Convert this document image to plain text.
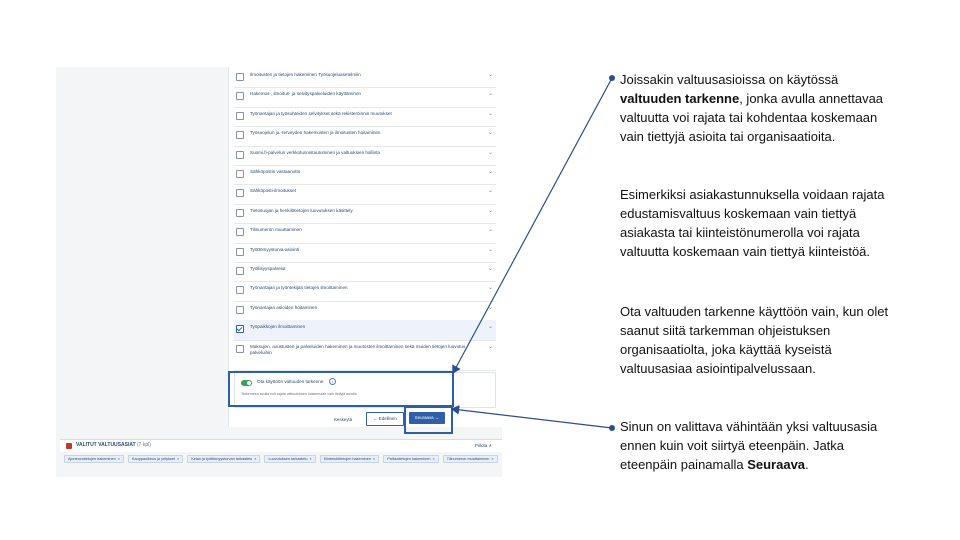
Ilmoitusten ja tietojen hakeminen Työsuojeluasetelmiin	⌄
Hakemus-, ilmoitus- ja selvityspalveluiden käyttäminen	⌄
Työnantajan ja työsuhteiden selvitykset sekä rekisteröinnin muutokset	⌄
Työsuojelun ja -terveyden hakemusten ja ilmoitusten hoitaminen	⌄
Suomi.fi-palvelun verkkotunnistautuminen ja valtuuksien hallinta	⌄
Sähköpostin vastaanotto	⌄
Sähköposti-ilmoitukset	⌄
Tietosuojan ja henkilötietojen luovutuksen käsittely	⌄
Tilinumeron muuttaminen	⌄
Työttömyysturva-asiointi	⌄
Työllisyyspalvelut	⌄
Työnantajan ja työntekijän tietojen ilmoittaminen	⌄
Työnantajan asioiden hoitaminen	⌄
Työpaikkojen ilmoittaminen	⌄
Maksujen, avustusten ja palveluiden hakeminen ja muutosten ilmoittaminen sekä muiden tietojen luovutus palveluihin
⌄
Ota käyttöön valtuuden tarkenne	i
Tarkenteen avulla voit rajata valtuutuksen koskemaan vain tiettyjä asioita
Keskeytä	← Edellinen	Seuraava →
VALITUT VALTUUSASIAT (7 kpl)	Piilota ∧
Ajoneuvotietojen hakeminen ×	Kauppaoikeus ja yritykset ×	Kelan ja työttömyysturvan tarkastelu ×	Luovutuksen tarkastelu ×	Kiinteistötietojen hakeminen ×	Palkkatietojen hakeminen ×	Tilinumeron muuttaminen ×

Joissakin valtuusasioissa on käytössä valtuuden tarkenne, jonka avulla annettavaa valtuutta voi rajata tai kohdentaa koskemaan vain tiettyjä asioita tai organisaatioita.

Esimerkiksi asiakastunnuksella voidaan rajata edustamisvaltuus koskemaan vain tiettyä asiakasta tai kiinteistönumerolla voi rajata valtuutta koskemaan vain tiettyä kiinteistöä.

Ota valtuuden tarkenne käyttöön vain, kun olet saanut siitä tarkemman ohjeistuksen organisaatiolta, joka käyttää kyseistä valtuusasiaa asiointipalvelussaan.

Sinun on valittava vähintään yksi valtuusasia ennen kuin voit siirtyä eteenpäin. Jatka eteenpäin painamalla Seuraava.
